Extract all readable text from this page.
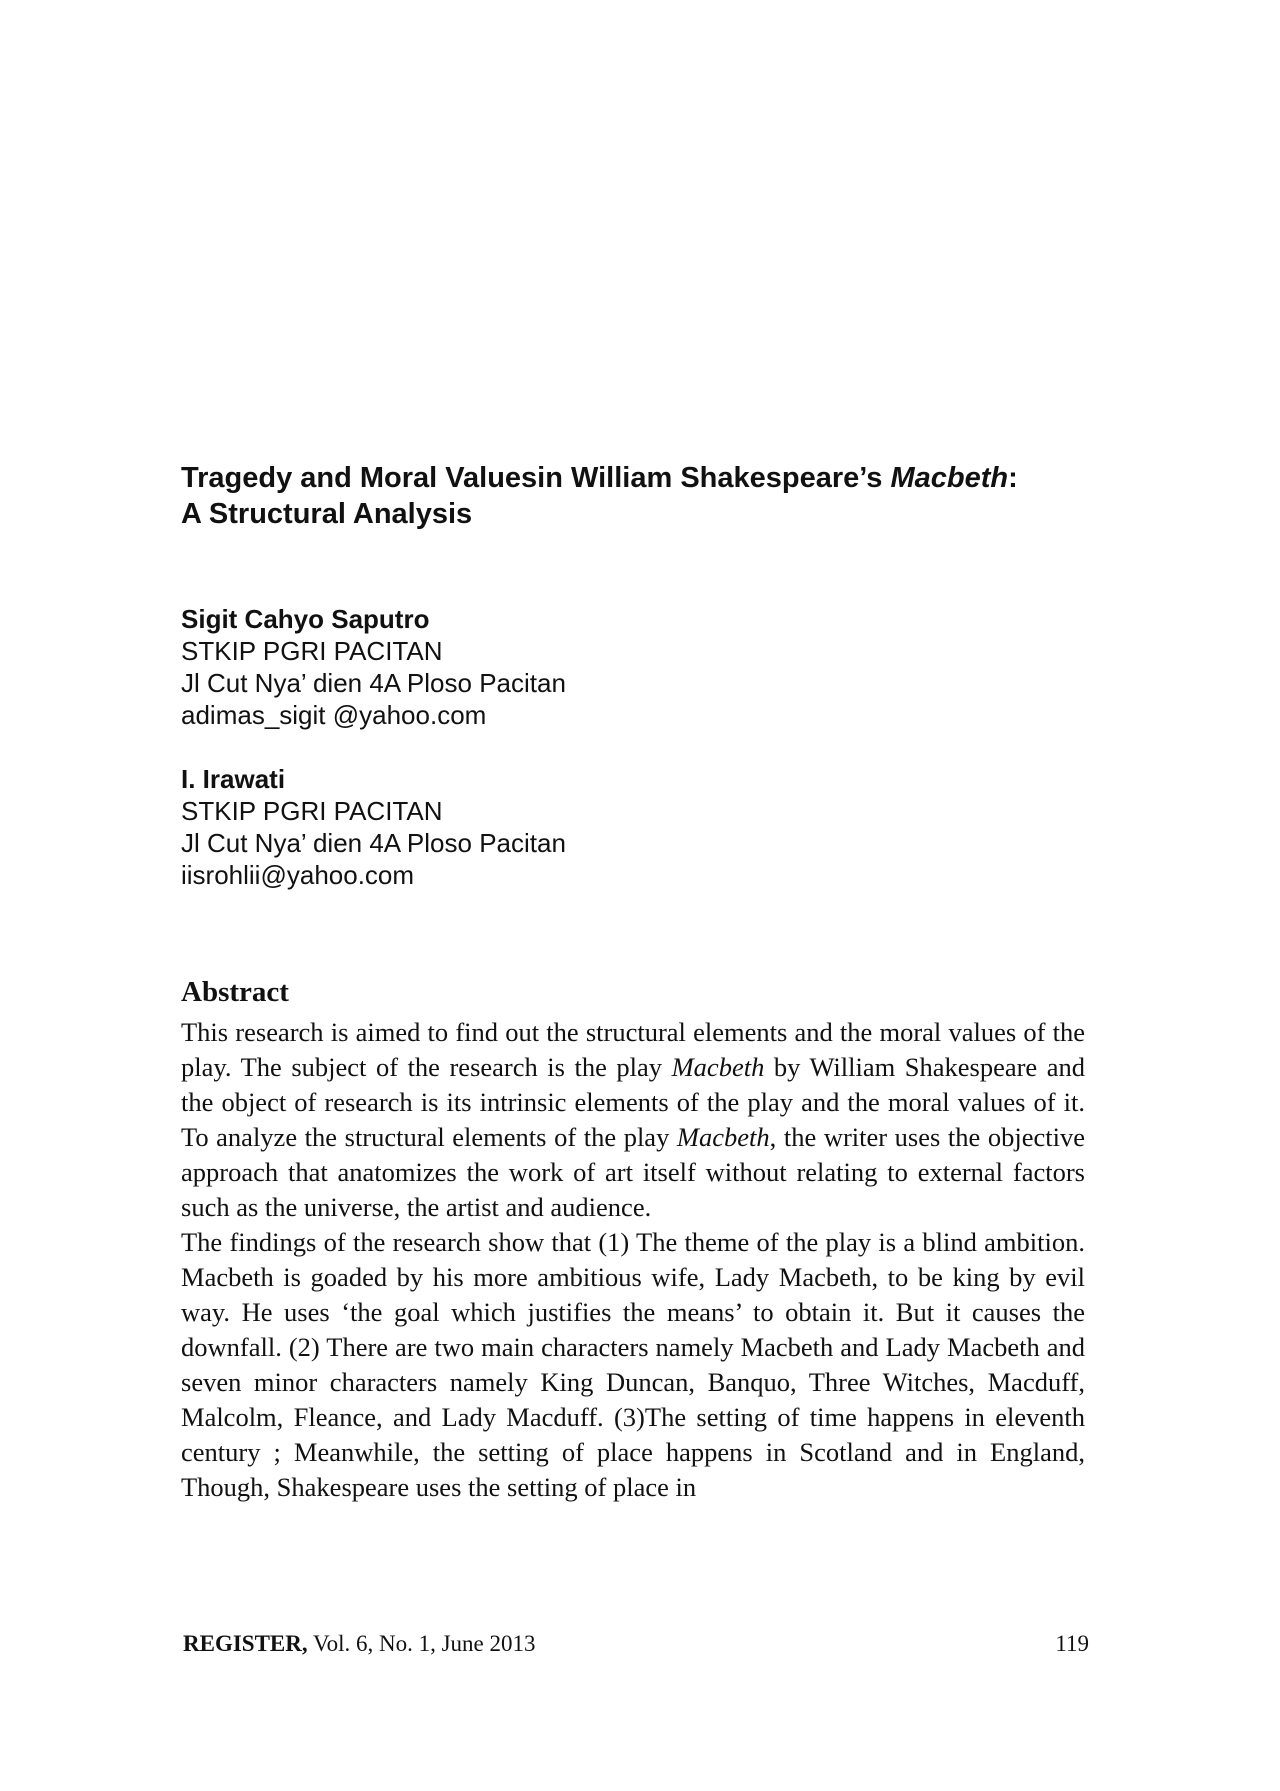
Tragedy and Moral Valuesin William Shakespeare’s Macbeth:
A Structural Analysis
Sigit Cahyo Saputro
STKIP PGRI PACITAN
Jl Cut Nya’ dien 4A Ploso Pacitan
adimas_sigit @yahoo.com
I. Irawati
STKIP PGRI PACITAN
Jl Cut Nya’ dien 4A Ploso Pacitan
iisrohlii@yahoo.com
Abstract

This research is aimed to find out the structural elements and the moral values of the play. The subject of the research is the play Macbeth by William Shakespeare and the object of research is its intrinsic elements of the play and the moral values of it. To analyze the structural elements of the play Macbeth, the writer uses the objective approach that anatomizes the work of art itself without relating to external factors such as the universe, the artist and audience.

The findings of the research show that (1) The theme of the play is a blind ambition. Macbeth is goaded by his more ambitious wife, Lady Macbeth, to be king by evil way. He uses ‘the goal which justifies the means’ to obtain it. But it causes the downfall. (2) There are two main characters namely Macbeth and Lady Macbeth and seven minor characters namely King Duncan, Banquo, Three Witches, Macduff, Malcolm, Fleance, and Lady Macduff. (3)The setting of time happens in eleventh century ; Meanwhile, the setting of place happens in Scotland and in England, Though, Shakespeare uses the setting of place in

REGISTER, Vol. 6, No. 1, June 2013	119
